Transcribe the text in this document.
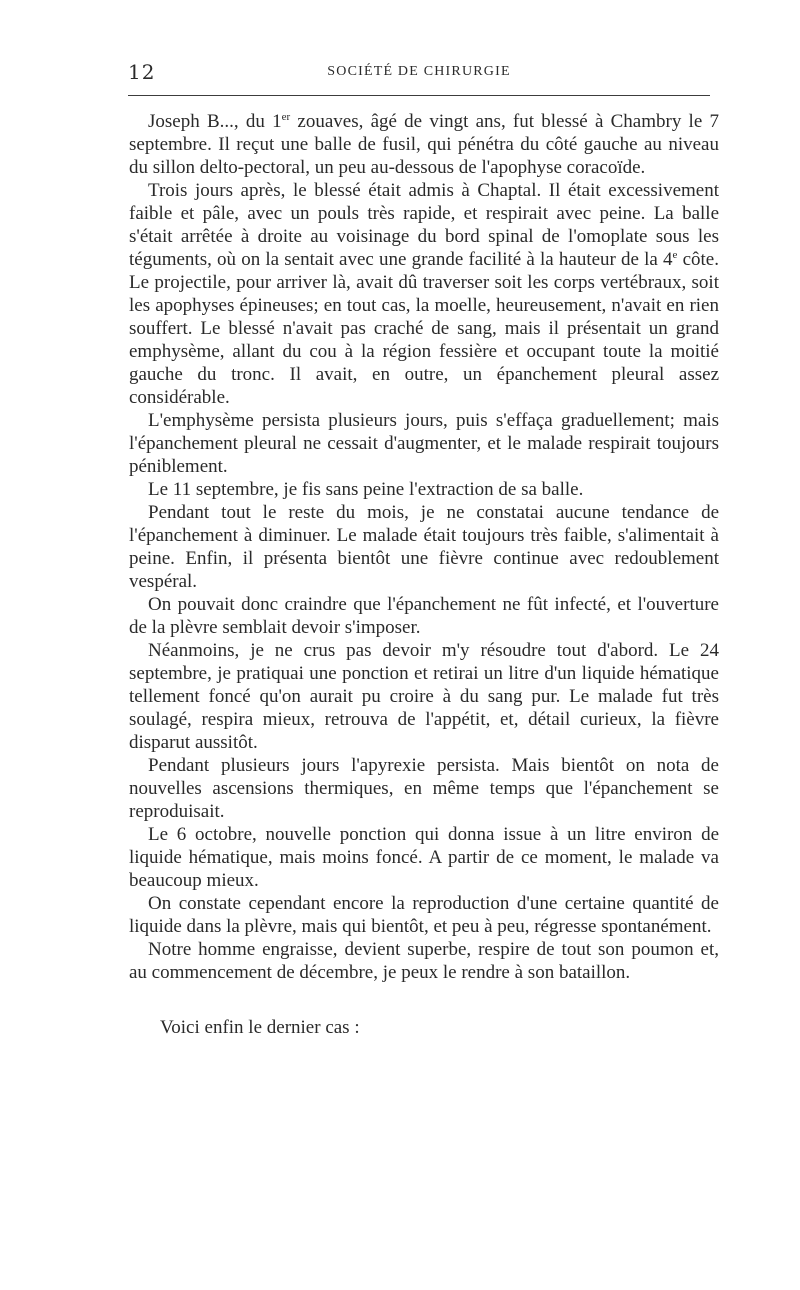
12	SOCIÉTÉ DE CHIRURGIE

Joseph B..., du 1er zouaves, âgé de vingt ans, fut blessé à Chambry le 7 septembre. Il reçut une balle de fusil, qui pénétra du côté gauche au niveau du sillon delto-pectoral, un peu au-dessous de l'apophyse coracoïde.

Trois jours après, le blessé était admis à Chaptal. Il était excessivement faible et pâle, avec un pouls très rapide, et respirait avec peine. La balle s'était arrêtée à droite au voisinage du bord spinal de l'omoplate sous les téguments, où on la sentait avec une grande facilité à la hauteur de la 4e côte. Le projectile, pour arriver là, avait dû traverser soit les corps vertébraux, soit les apophyses épineuses; en tout cas, la moelle, heureusement, n'avait en rien souffert. Le blessé n'avait pas craché de sang, mais il présentait un grand emphysème, allant du cou à la région fessière et occupant toute la moitié gauche du tronc. Il avait, en outre, un épanchement pleural assez considérable.

L'emphysème persista plusieurs jours, puis s'effaça graduellement; mais l'épanchement pleural ne cessait d'augmenter, et le malade respirait toujours péniblement.

Le 11 septembre, je fis sans peine l'extraction de sa balle.

Pendant tout le reste du mois, je ne constatai aucune tendance de l'épanchement à diminuer. Le malade était toujours très faible, s'alimentait à peine. Enfin, il présenta bientôt une fièvre continue avec redoublement vespéral.

On pouvait donc craindre que l'épanchement ne fût infecté, et l'ouverture de la plèvre semblait devoir s'imposer.

Néanmoins, je ne crus pas devoir m'y résoudre tout d'abord. Le 24 septembre, je pratiquai une ponction et retirai un litre d'un liquide hématique tellement foncé qu'on aurait pu croire à du sang pur. Le malade fut très soulagé, respira mieux, retrouva de l'appétit, et, détail curieux, la fièvre disparut aussitôt.

Pendant plusieurs jours l'apyrexie persista. Mais bientôt on nota de nouvelles ascensions thermiques, en même temps que l'épanchement se reproduisait.

Le 6 octobre, nouvelle ponction qui donna issue à un litre environ de liquide hématique, mais moins foncé. A partir de ce moment, le malade va beaucoup mieux.

On constate cependant encore la reproduction d'une certaine quantité de liquide dans la plèvre, mais qui bientôt, et peu à peu, régresse spontanément.

Notre homme engraisse, devient superbe, respire de tout son poumon et, au commencement de décembre, je peux le rendre à son bataillon.

Voici enfin le dernier cas :
